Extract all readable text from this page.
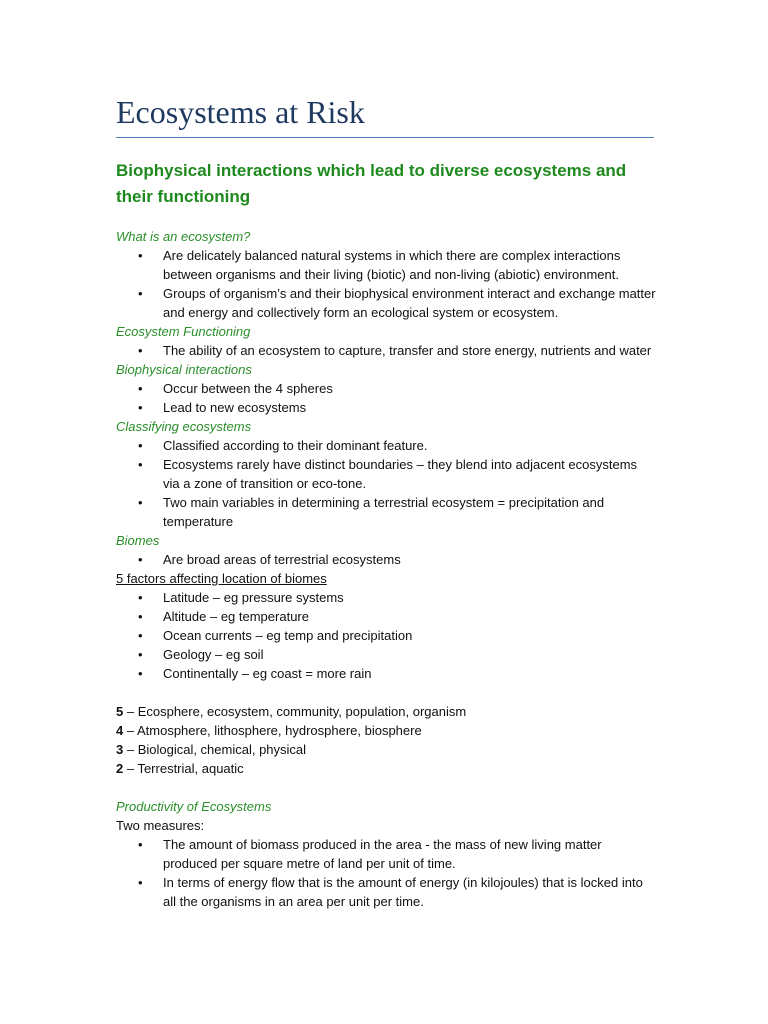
Ecosystems at Risk
Biophysical interactions which lead to diverse ecosystems and their functioning

What is an ecosystem?

• Are delicately balanced natural systems in which there are complex interactions between organisms and their living (biotic) and non-living (abiotic) environment.
• Groups of organism’s and their biophysical environment interact and exchange matter and energy and collectively form an ecological system or ecosystem.

Ecosystem Functioning

• The ability of an ecosystem to capture, transfer and store energy, nutrients and water

Biophysical interactions

• Occur between the 4 spheres
• Lead to new ecosystems

Classifying ecosystems

• Classified according to their dominant feature.
• Ecosystems rarely have distinct boundaries – they blend into adjacent ecosystems via a zone of transition or eco-tone.
• Two main variables in determining a terrestrial ecosystem = precipitation and temperature

Biomes

• Are broad areas of terrestrial ecosystems

5 factors affecting location of biomes

• Latitude – eg pressure systems
• Altitude – eg temperature
• Ocean currents – eg temp and precipitation
• Geology – eg soil
• Continentally – eg coast = more rain

5 – Ecosphere, ecosystem, community, population, organism

4 – Atmosphere, lithosphere, hydrosphere, biosphere

3 – Biological, chemical, physical

2 – Terrestrial, aquatic

Productivity of Ecosystems

Two measures:

• The amount of biomass produced in the area - the mass of new living matter produced per square metre of land per unit of time.
• In terms of energy flow that is the amount of energy (in kilojoules) that is locked into all the organisms in an area per unit per time.
